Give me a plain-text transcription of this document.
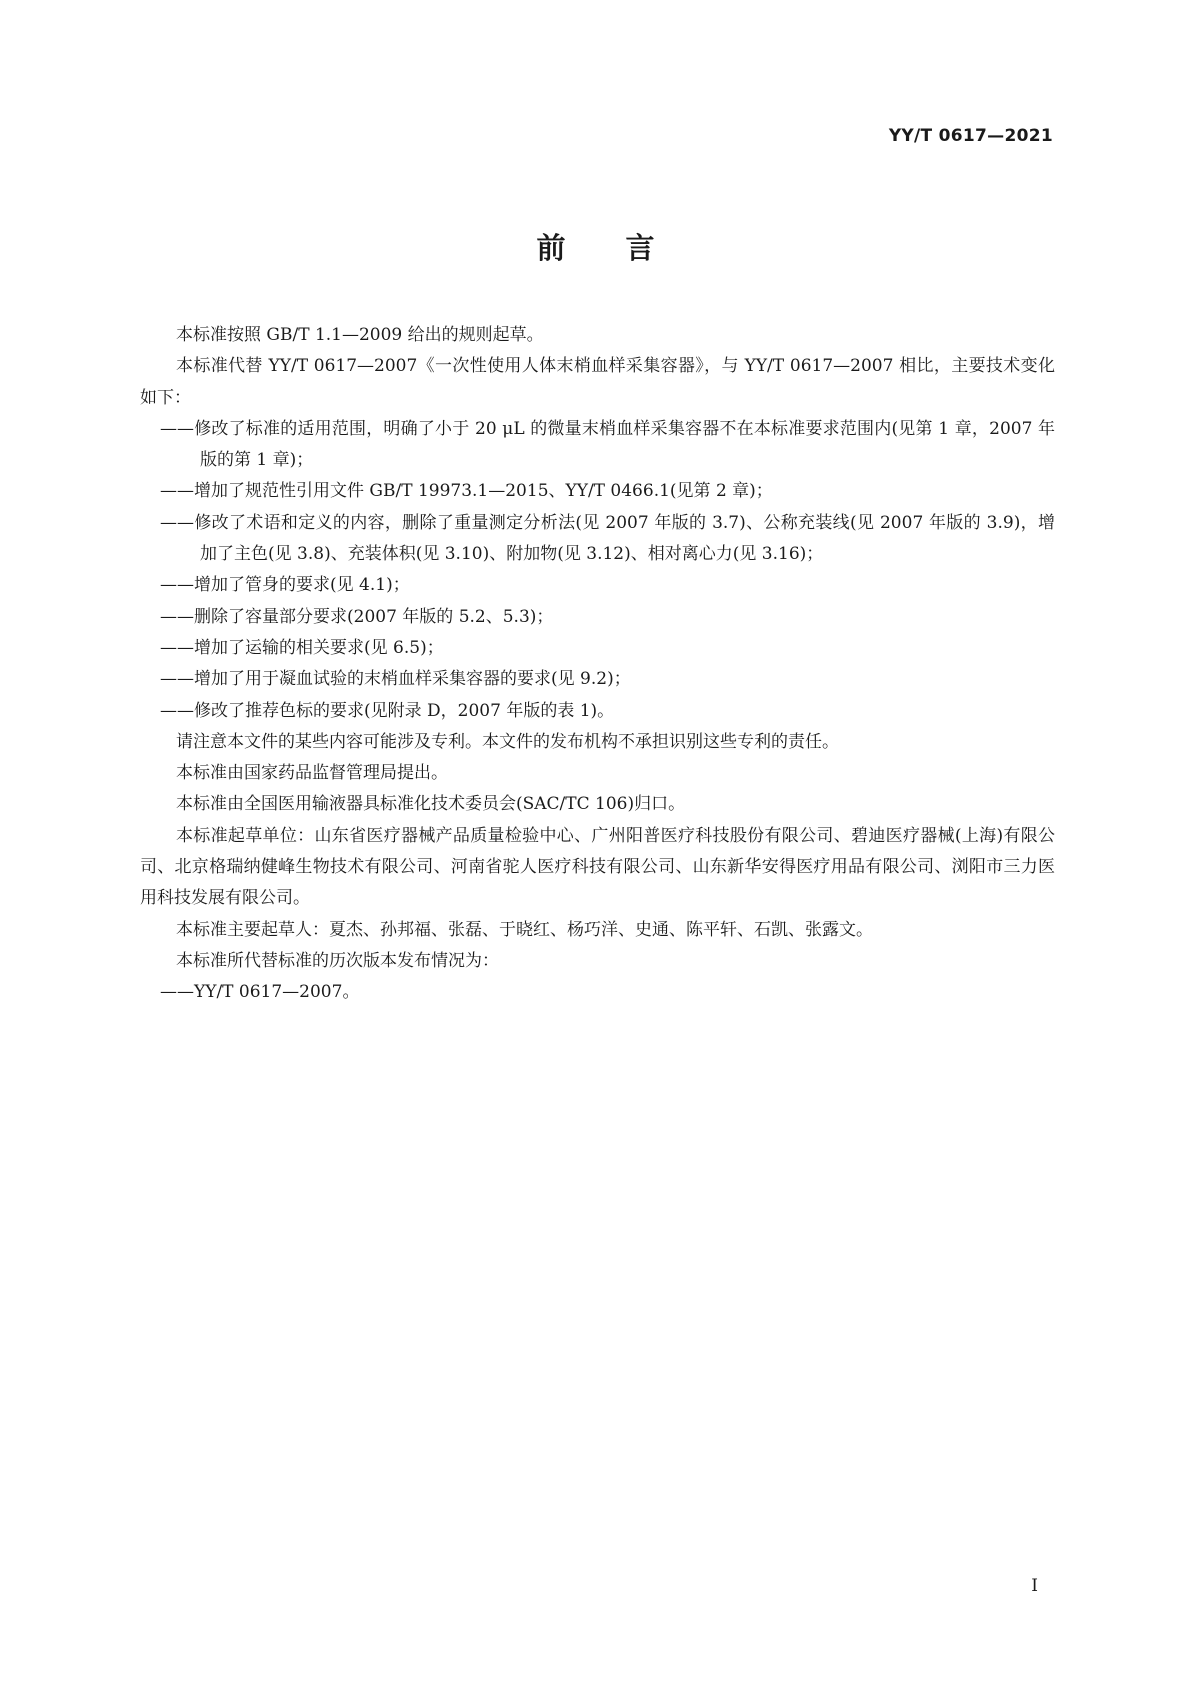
YY/T 0617—2021
前言

本标准按照 GB/T 1.1—2009 给出的规则起草。

本标准代替 YY/T 0617—2007《一次性使用人体末梢血样采集容器》，与 YY/T 0617—2007 相比，主要技术变化如下：

——修改了标准的适用范围，明确了小于 20 μL 的微量末梢血样采集容器不在本标准要求范围内(见第 1 章，2007 年版的第 1 章)；

——增加了规范性引用文件 GB/T 19973.1—2015、YY/T 0466.1(见第 2 章)；

——修改了术语和定义的内容，删除了重量测定分析法(见 2007 年版的 3.7)、公称充装线(见 2007 年版的 3.9)，增加了主色(见 3.8)、充装体积(见 3.10)、附加物(见 3.12)、相对离心力(见 3.16)；

——增加了管身的要求(见 4.1)；

——删除了容量部分要求(2007 年版的 5.2、5.3)；

——增加了运输的相关要求(见 6.5)；

——增加了用于凝血试验的末梢血样采集容器的要求(见 9.2)；

——修改了推荐色标的要求(见附录 D，2007 年版的表 1)。

请注意本文件的某些内容可能涉及专利。本文件的发布机构不承担识别这些专利的责任。

本标准由国家药品监督管理局提出。

本标准由全国医用输液器具标准化技术委员会(SAC/TC 106)归口。

本标准起草单位：山东省医疗器械产品质量检验中心、广州阳普医疗科技股份有限公司、碧迪医疗器械(上海)有限公司、北京格瑞纳健峰生物技术有限公司、河南省驼人医疗科技有限公司、山东新华安得医疗用品有限公司、浏阳市三力医用科技发展有限公司。

本标准主要起草人：夏杰、孙邦福、张磊、于晓红、杨巧洋、史通、陈平轩、石凯、张露文。

本标准所代替标准的历次版本发布情况为：

——YY/T 0617—2007。

I
